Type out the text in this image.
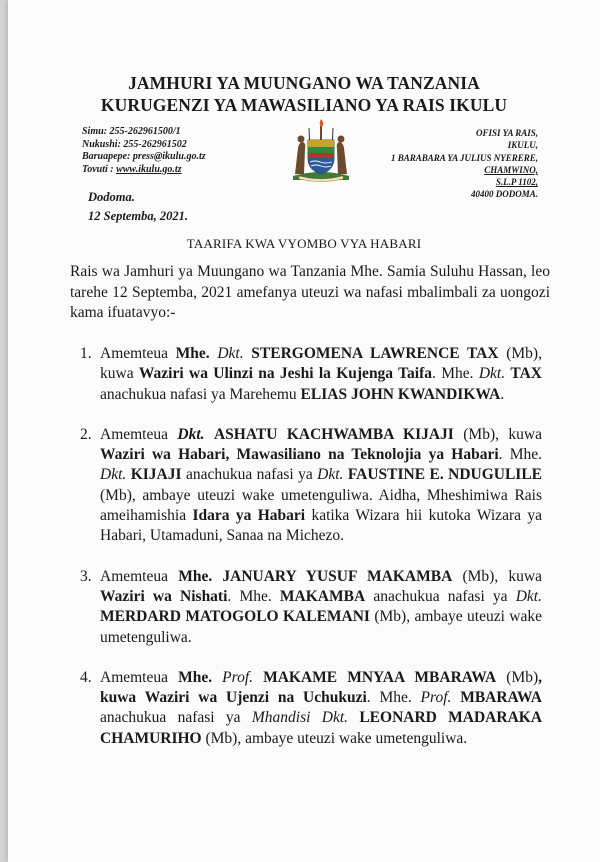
JAMHURI YA MUUNGANO WA TANZANIA
KURUGENZI YA MAWASILIANO YA RAIS IKULU
Simu: 255-262961500/1
Nukushi: 255-262961502
Baruapepe: press@ikulu.go.tz
Tovuti : www.ikulu.go.tz
OFISI YA RAIS,
IKULU,
1 BARABARA YA JULIUS NYERERE,
CHAMWINO,
S.L.P 1102,
40400 DODOMA.
Dodoma.
12 Septemba, 2021.
TAARIFA KWA VYOMBO VYA HABARI
Rais wa Jamhuri ya Muungano wa Tanzania Mhe. Samia Suluhu Hassan, leo tarehe 12 Septemba, 2021 amefanya uteuzi wa nafasi mbalimbali za uongozi kama ifuatavyo:-
1. Amemteua Mhe. Dkt. STERGOMENA LAWRENCE TAX (Mb), kuwa Waziri wa Ulinzi na Jeshi la Kujenga Taifa. Mhe. Dkt. TAX anachukua nafasi ya Marehemu ELIAS JOHN KWANDIKWA.
2. Amemteua Dkt. ASHATU KACHWAMBA KIJAJI (Mb), kuwa Waziri wa Habari, Mawasiliano na Teknolojia ya Habari. Mhe. Dkt. KIJAJI anachukua nafasi ya Dkt. FAUSTINE E. NDUGULILE (Mb), ambaye uteuzi wake umetenguliwa. Aidha, Mheshimiwa Rais ameihamishia Idara ya Habari katika Wizara hii kutoka Wizara ya Habari, Utamaduni, Sanaa na Michezo.
3. Amemteua Mhe. JANUARY YUSUF MAKAMBA (Mb), kuwa Waziri wa Nishati. Mhe. MAKAMBA anachukua nafasi ya Dkt. MERDARD MATOGOLO KALEMANI (Mb), ambaye uteuzi wake umetenguliwa.
4. Amemteua Mhe. Prof. MAKAME MNYAA MBARAWA (Mb), kuwa Waziri wa Ujenzi na Uchukuzi. Mhe. Prof. MBARAWA anachukua nafasi ya Mhandisi Dkt. LEONARD MADARAKA CHAMURIHO (Mb), ambaye uteuzi wake umetenguliwa.
